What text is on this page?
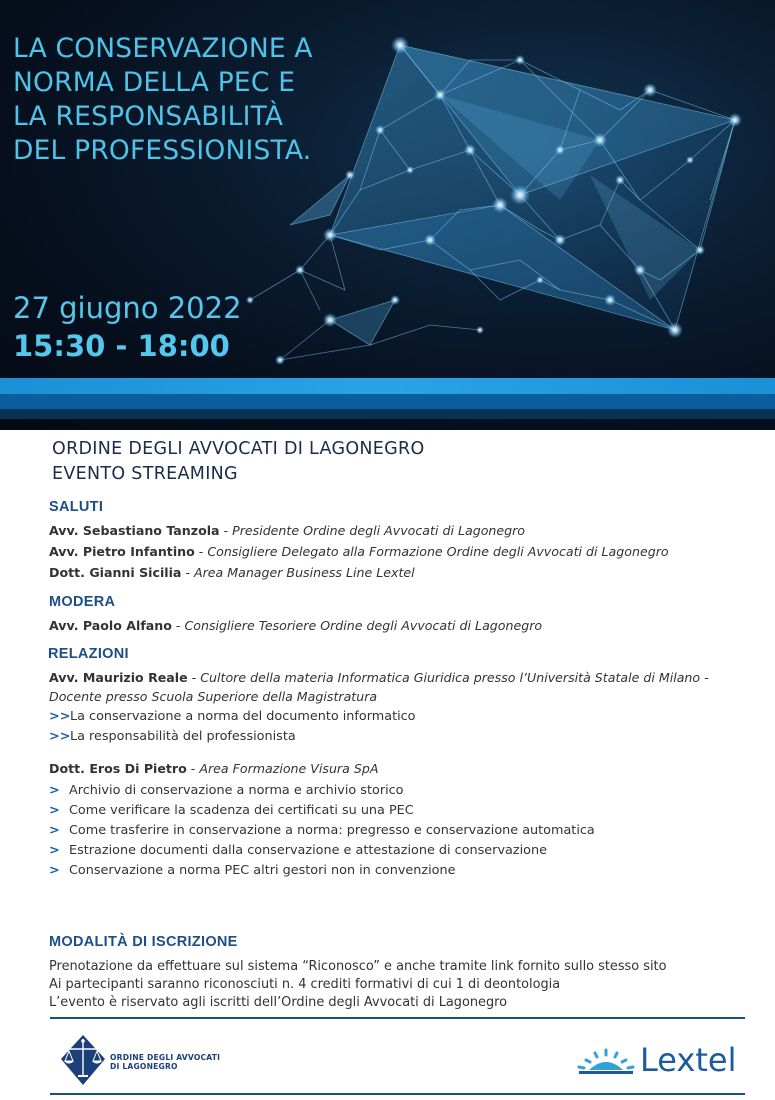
LA CONSERVAZIONE A
NORMA DELLA PEC E
LA RESPONSABILITÀ
DEL PROFESSIONISTA.
27 giugno 2022
15:30 - 18:00
ORDINE DEGLI AVVOCATI DI LAGONEGRO
EVENTO STREAMING
SALUTI

Avv. Sebastiano Tanzola - Presidente Ordine degli Avvocati di Lagonegro

Avv. Pietro Infantino - Consigliere Delegato alla Formazione Ordine degli Avvocati di Lagonegro

Dott. Gianni Sicilia - Area Manager Business Line Lextel

MODERA

Avv. Paolo Alfano - Consigliere Tesoriere Ordine degli Avvocati di Lagonegro

RELAZIONI

Avv. Maurizio Reale - Cultore della materia Informatica Giuridica presso l’Università Statale di Milano -

Docente presso Scuola Superiore della Magistratura

>>La conservazione a norma del documento informatico

>>La responsabilità del professionista

Dott. Eros Di Pietro - Area Formazione Visura SpA

> Archivio di conservazione a norma e archivio storico

> Come verificare la scadenza dei certificati su una PEC

> Come trasferire in conservazione a norma: pregresso e conservazione automatica

> Estrazione documenti dalla conservazione e attestazione di conservazione

> Conservazione a norma PEC altri gestori non in convenzione

MODALITÀ DI ISCRIZIONE

Prenotazione da effettuare sul sistema “Riconosco” e anche tramite link fornito sullo stesso sito

Ai partecipanti saranno riconosciuti n. 4 crediti formativi di cui 1 di deontologia

L’evento è riservato agli iscritti dell’Ordine degli Avvocati di Lagonegro

ORDINE DEGLI AVVOCATI
DI LAGONEGRO	Lextel
